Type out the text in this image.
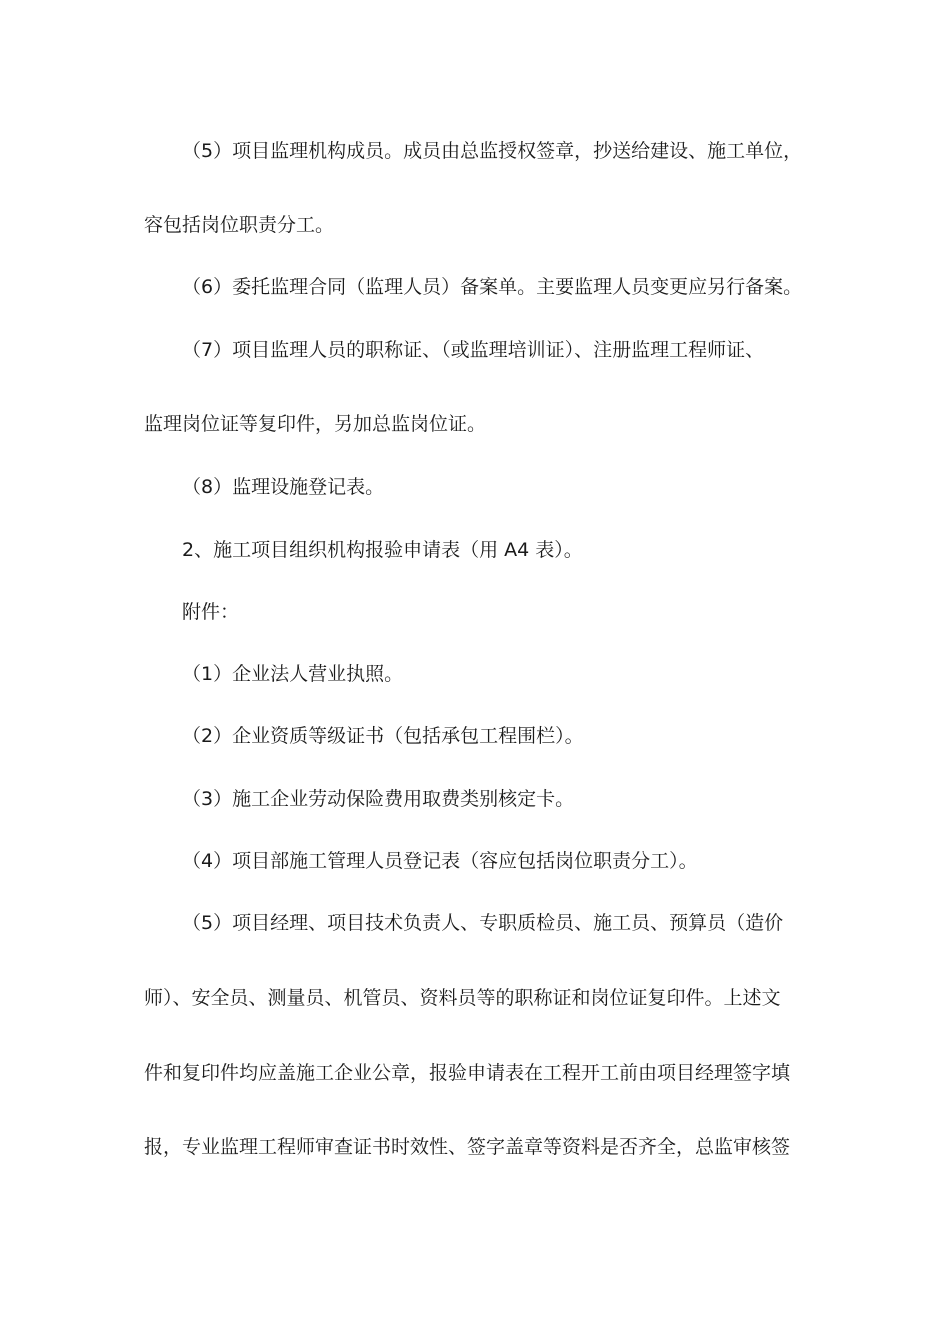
（5）项目监理机构成员。成员由总监授权签章，抄送给建设、施工单位，
容包括岗位职责分工。
（6）委托监理合同（监理人员）备案单。主要监理人员变更应另行备案。
（7）项目监理人员的职称证、（或监理培训证）、注册监理工程师证、
监理岗位证等复印件，另加总监岗位证。
（8）监理设施登记表。
2、施工项目组织机构报验申请表（用 A4 表）。
附件：
（1）企业法人营业执照。
（2）企业资质等级证书（包括承包工程围栏）。
（3）施工企业劳动保险费用取费类别核定卡。
（4）项目部施工管理人员登记表（容应包括岗位职责分工）。
（5）项目经理、项目技术负责人、专职质检员、施工员、预算员（造价
师）、安全员、测量员、机管员、资料员等的职称证和岗位证复印件。上述文
件和复印件均应盖施工企业公章，报验申请表在工程开工前由项目经理签字填
报，专业监理工程师审查证书时效性、签字盖章等资料是否齐全，总监审核签
